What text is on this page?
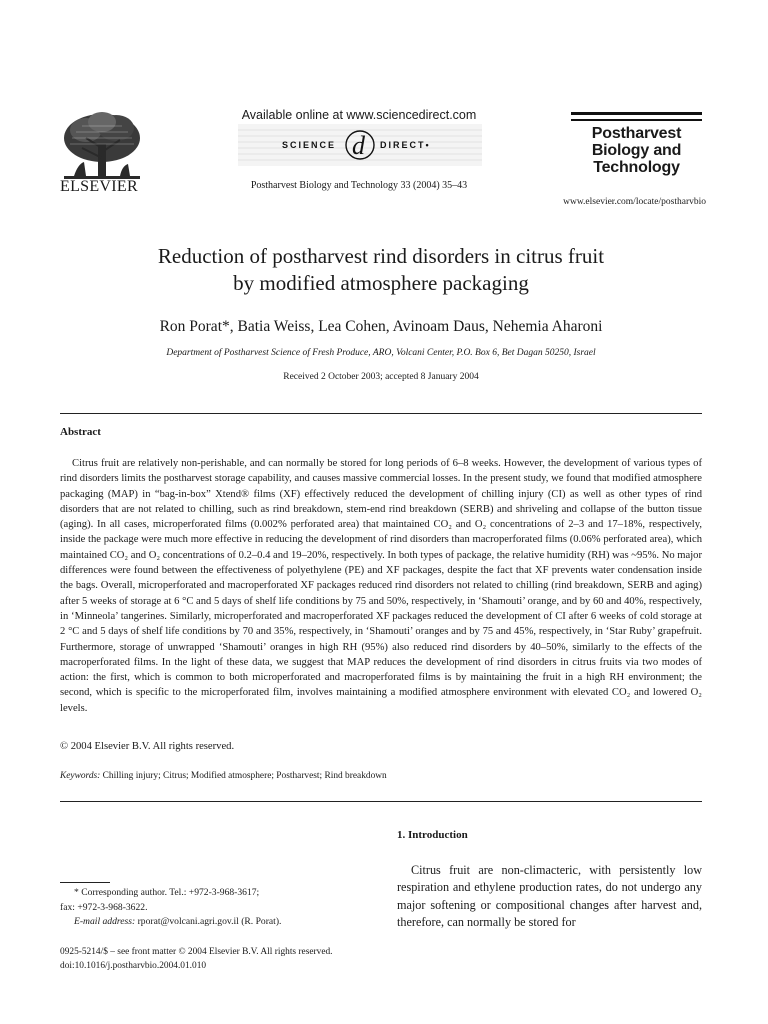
ELSEVIER
Available online at www.sciencedirect.com
SCIENCE d DIRECT•
Postharvest Biology and Technology 33 (2004) 35–43
Postharvest Biology and Technology
www.elsevier.com/locate/postharvbio
Reduction of postharvest rind disorders in citrus fruit
by modified atmosphere packaging
Ron Porat*, Batia Weiss, Lea Cohen, Avinoam Daus, Nehemia Aharoni
Department of Postharvest Science of Fresh Produce, ARO, Volcani Center, P.O. Box 6, Bet Dagan 50250, Israel
Received 2 October 2003; accepted 8 January 2004
Abstract

Citrus fruit are relatively non-perishable, and can normally be stored for long periods of 6–8 weeks. However, the development of various types of rind disorders limits the postharvest storage capability, and causes massive commercial losses. In the present study, we found that modified atmosphere packaging (MAP) in “bag-in-box” Xtend® films (XF) effectively reduced the development of chilling injury (CI) as well as other types of rind disorders that are not related to chilling, such as rind breakdown, stem-end rind breakdown (SERB) and shriveling and collapse of the button tissue (aging). In all cases, microperforated films (0.002% perforated area) that maintained CO₂ and O₂ concentrations of 2–3 and 17–18%, respectively, inside the package were much more effective in reducing the development of rind disorders than macroperforated films (0.06% perforated area), which maintained CO₂ and O₂ concentrations of 0.2–0.4 and 19–20%, respectively. In both types of package, the relative humidity (RH) was ~95%. No major differences were found between the effectiveness of polyethylene (PE) and XF packages, despite the fact that XF prevents water condensation inside the bags. Overall, microperforated and macroperforated XF packages reduced rind disorders not related to chilling (rind breakdown, SERB and aging) after 5 weeks of storage at 6 °C and 5 days of shelf life conditions by 75 and 50%, respectively, in ‘Shamouti’ orange, and by 60 and 40%, respectively, in ‘Minneola’ tangerines. Similarly, microperforated and macroperforated XF packages reduced the development of CI after 6 weeks of cold storage at 2 °C and 5 days of shelf life conditions by 70 and 35%, respectively, in ‘Shamouti’ oranges and by 75 and 45%, respectively, in ‘Star Ruby’ grapefruit. Furthermore, storage of unwrapped ‘Shamouti’ oranges in high RH (95%) also reduced rind disorders by 40–50%, similarly to the effects of the macroperforated films. In the light of these data, we suggest that MAP reduces the development of rind disorders in citrus fruits via two modes of action: the first, which is common to both microperforated and macroperforated films is by maintaining the fruit in a high RH environment; the second, which is specific to the microperforated film, involves maintaining a modified atmosphere environment with elevated CO₂ and lowered O₂ levels.

© 2004 Elsevier B.V. All rights reserved.
Keywords: Chilling injury; Citrus; Modified atmosphere; Postharvest; Rind breakdown
1. Introduction

Citrus fruit are non-climacteric, with persistently low respiration and ethylene production rates, do not undergo any major softening or compositional changes after harvest and, therefore, can normally be stored for

* Corresponding author. Tel.: +972-3-968-3617;
fax: +972-3-968-3622.
E-mail address: rporat@volcani.agri.gov.il (R. Porat).
0925-5214/$ – see front matter © 2004 Elsevier B.V. All rights reserved.
doi:10.1016/j.postharvbio.2004.01.010
